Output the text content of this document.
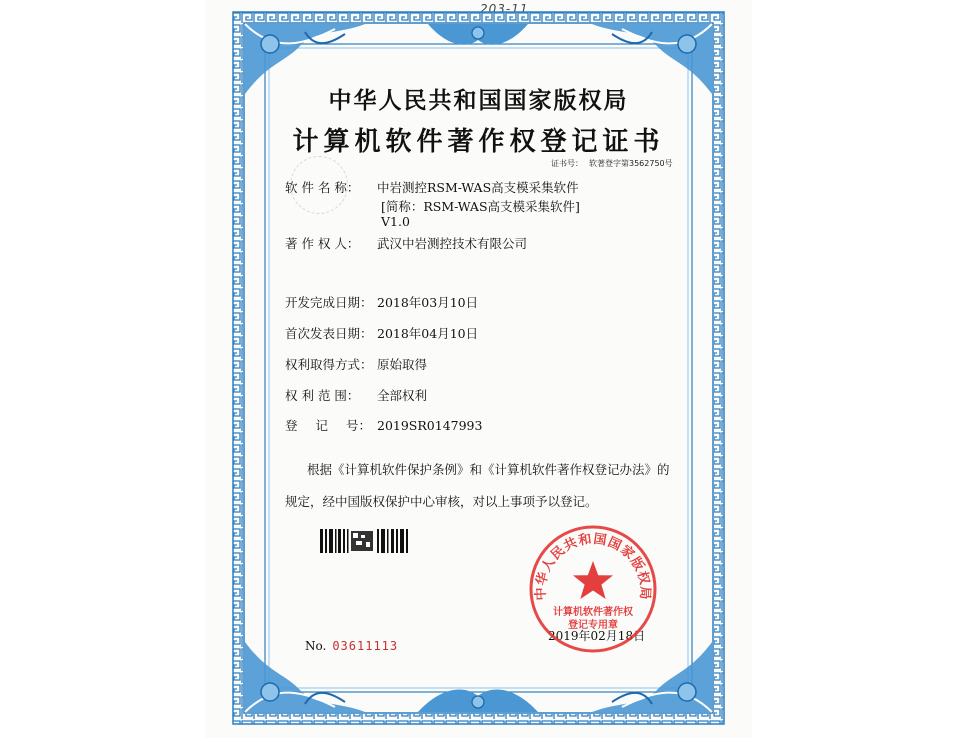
203-11
中华人民共和国国家版权局
计算机软件著作权登记证书
证书号： 软著登字第3562750号
软 件 名 称： 中岩测控RSM-WAS高支模采集软件
[简称：RSM-WAS高支模采集软件]
V1.0
著 作 权 人： 武汉中岩测控技术有限公司
开发完成日期： 2018年03月10日
首次发表日期： 2018年04月10日
权利取得方式： 原始取得
权 利 范 围： 全部权利
登 记 号： 2019SR0147993
根据《计算机软件保护条例》和《计算机软件著作权登记办法》的
规定，经中国版权保护中心审核，对以上事项予以登记。
No. 03611113
2019年02月18日
中华人民共和国国家版权局
计算机软件著作权
登记专用章
